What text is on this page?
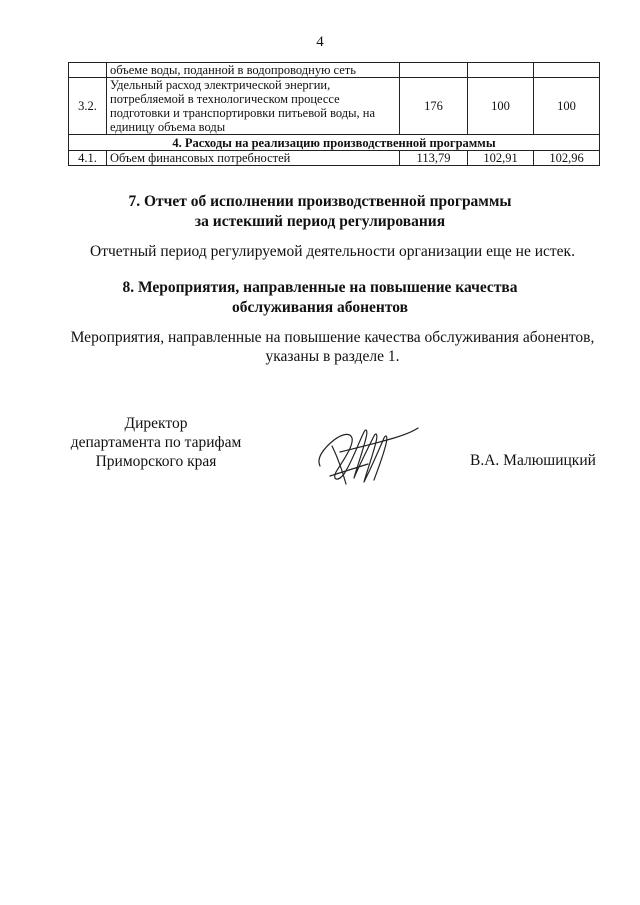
4

	объеме воды, поданной в водопроводную сеть			

3.2.	Удельный расход электрической энергии,
потребляемой в технологическом процессе
подготовки и транспортировки питьевой воды, на
единицу объема воды	176	100	100
4. Расходы на реализацию производственной программы				
4.1.	Объем финансовых потребностей	113,79	102,91	102,96
7. Отчет об исполнении производственной программы
за истекший период регулирования
Отчетный период регулируемой деятельности организации еще не истек.
8. Мероприятия, направленные на повышение качества
обслуживания абонентов
Мероприятия, направленные на повышение качества обслуживания абонентов,
указаны в разделе 1.
Директор
департамента по тарифам
Приморского края	В.А. Малюшицкий
